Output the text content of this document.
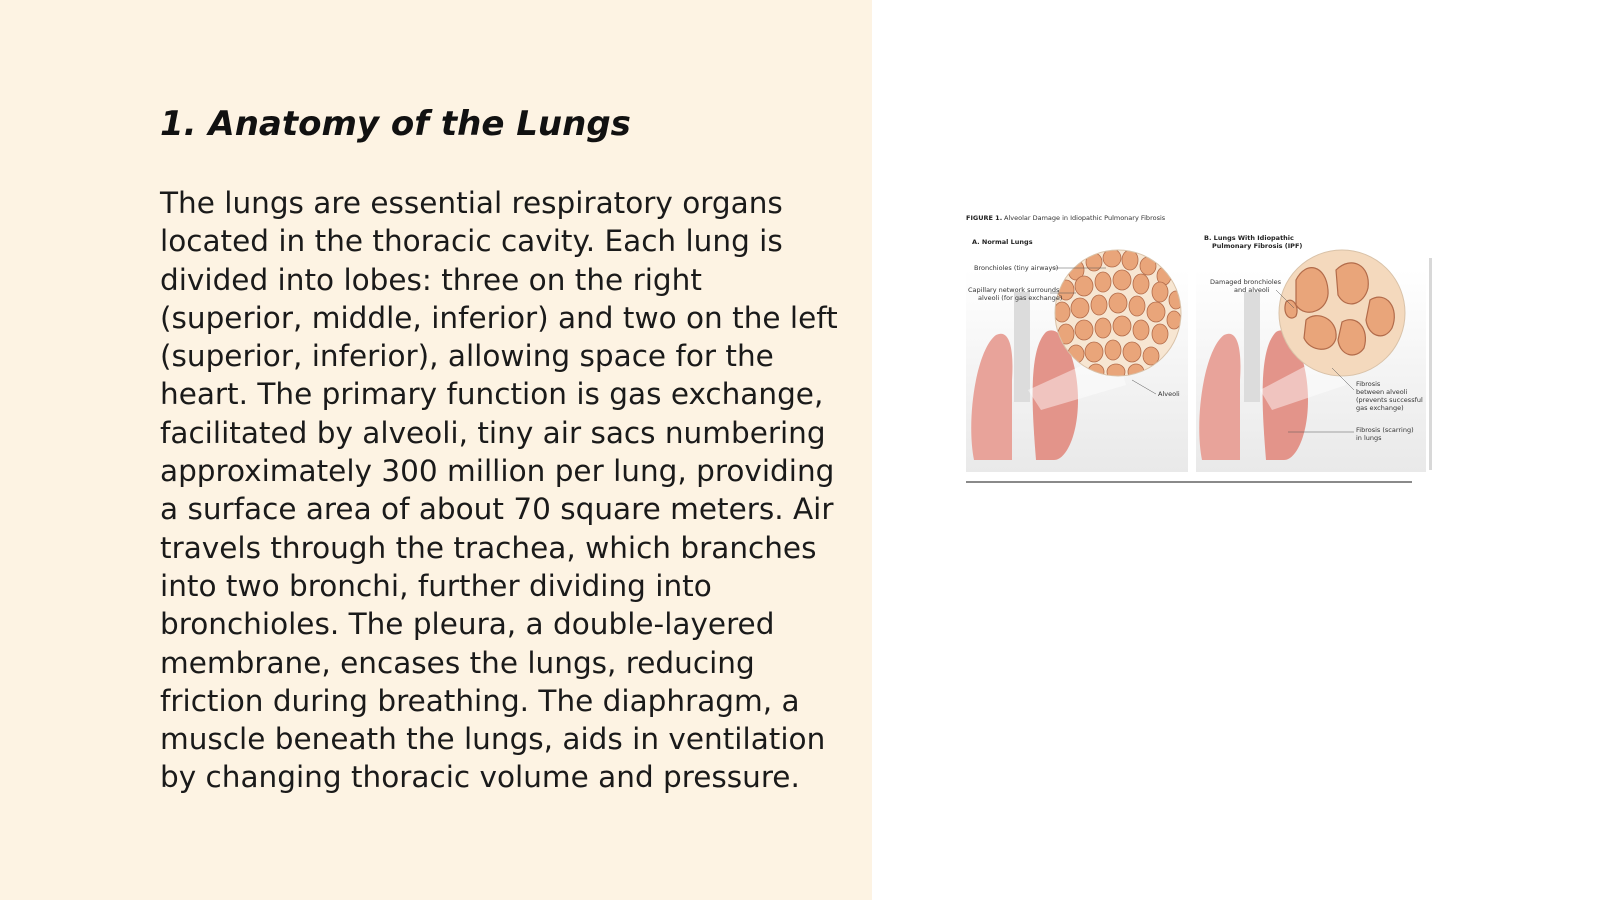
1. Anatomy of the Lungs

The lungs are essential respiratory organs located in the thoracic cavity. Each lung is divided into lobes: three on the right (superior, middle, inferior) and two on the left (superior, inferior), allowing space for the heart. The primary function is gas exchange, facilitated by alveoli, tiny air sacs numbering approximately 300 million per lung, providing a surface area of about 70 square meters. Air travels through the trachea, which branches into two bronchi, further dividing into bronchioles. The pleura, a double-layered membrane, encases the lungs, reducing friction during breathing. The diaphragm, a muscle beneath the lungs, aids in ventilation by changing thoracic volume and pressure.

FIGURE 1. Alveolar Damage in Idiopathic Pulmonary Fibrosis
A. Normal Lungs
Bronchioles (tiny airways)
Capillary network surrounds
alveoli (for gas exchange)
Alveoli
B. Lungs With Idiopathic
Pulmonary Fibrosis (IPF)
Damaged bronchioles
and alveoli
Fibrosis
between alveoli
(prevents successful
gas exchange)
Fibrosis (scarring)
in lungs
